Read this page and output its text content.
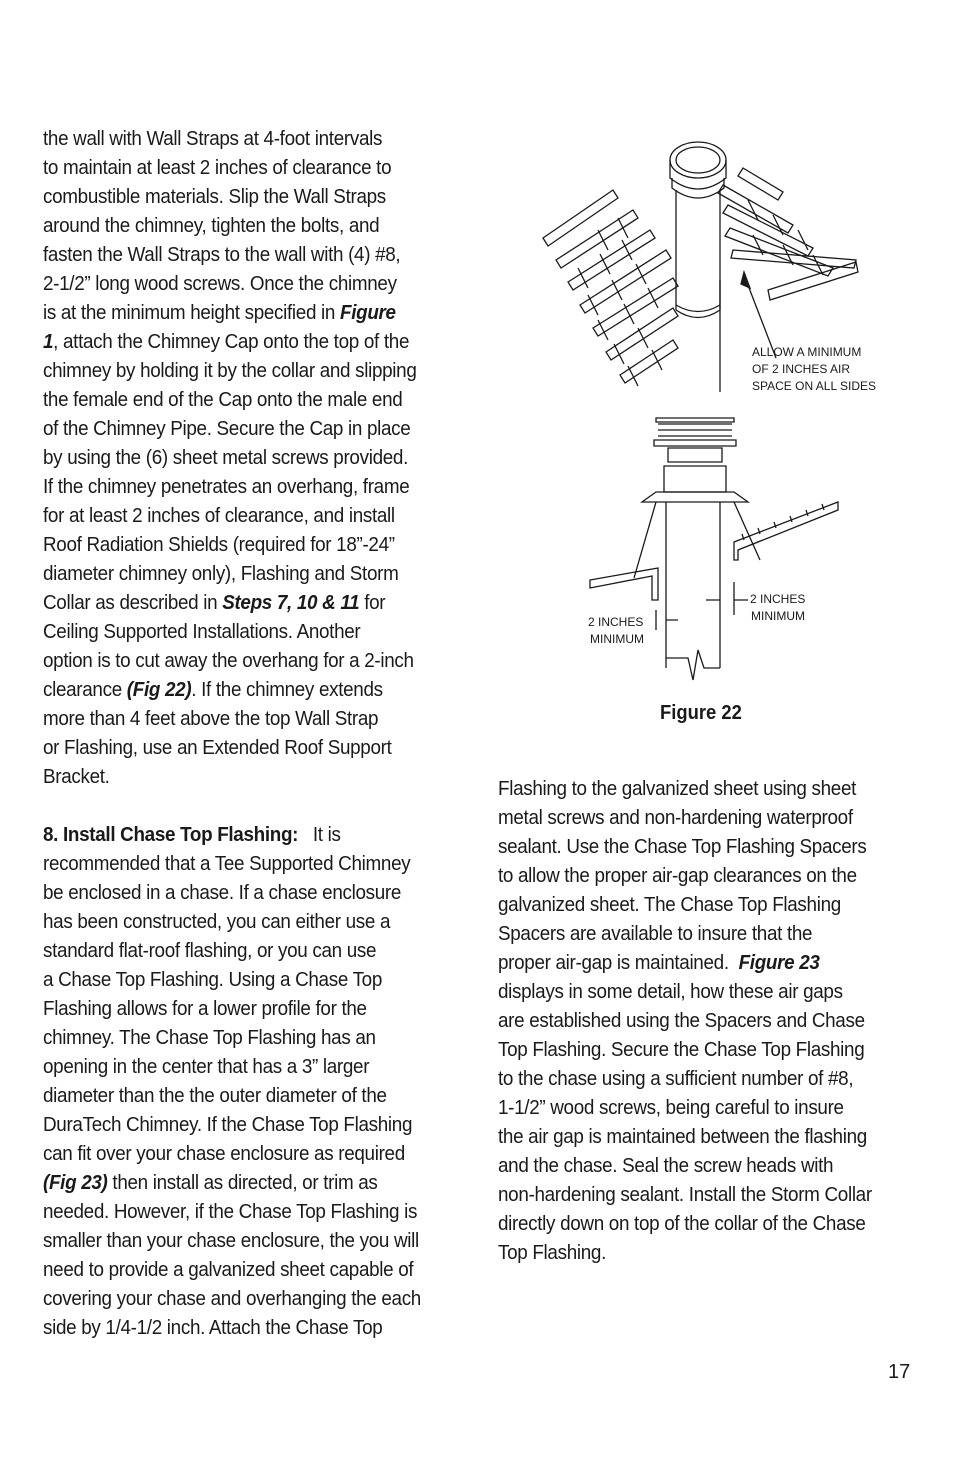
the wall with Wall Straps at 4-foot intervals
to maintain at least 2 inches of clearance to
combustible materials. Slip the Wall Straps
around the chimney, tighten the bolts, and
fasten the Wall Straps to the wall with (4) #8,
2-1/2” long wood screws. Once the chimney
is at the minimum height specified in Figure
1, attach the Chimney Cap onto the top of the
chimney by holding it by the collar and slipping
the female end of the Cap onto the male end
of the Chimney Pipe. Secure the Cap in place
by using the (6) sheet metal screws provided.
If the chimney penetrates an overhang, frame
for at least 2 inches of clearance, and install
Roof Radiation Shields (required for 18”-24”
diameter chimney only), Flashing and Storm
Collar as described in Steps 7, 10 & 11 for
Ceiling Supported Installations. Another
option is to cut away the overhang for a 2-inch
clearance (Fig 22). If the chimney extends
more than 4 feet above the top Wall Strap
or Flashing, use an Extended Roof Support
Bracket.
8. Install Chase Top Flashing:   It is
recommended that a Tee Supported Chimney
be enclosed in a chase. If a chase enclosure
has been constructed, you can either use a
standard flat-roof flashing, or you can use
a Chase Top Flashing. Using a Chase Top
Flashing allows for a lower profile for the
chimney. The Chase Top Flashing has an
opening in the center that has a 3” larger
diameter than the the outer diameter of the
DuraTech Chimney. If the Chase Top Flashing
can fit over your chase enclosure as required
(Fig 23) then install as directed, or trim as
needed. However, if the Chase Top Flashing is
smaller than your chase enclosure, the you will
need to provide a galvanized sheet capable of
covering your chase and overhanging the each
side by 1/4-1/2 inch. Attach the Chase Top
ALLOW A MINIMUM
OF 2 INCHES AIR
SPACE ON ALL SIDES
2 INCHES
MINIMUM
2 INCHES
MINIMUM
Figure 22
Flashing to the galvanized sheet using sheet
metal screws and non-hardening waterproof
sealant. Use the Chase Top Flashing Spacers
to allow the proper air-gap clearances on the
galvanized sheet. The Chase Top Flashing
Spacers are available to insure that the
proper air-gap is maintained.  Figure 23
displays in some detail, how these air gaps
are established using the Spacers and Chase
Top Flashing. Secure the Chase Top Flashing
to the chase using a sufficient number of #8,
1-1/2” wood screws, being careful to insure
the air gap is maintained between the flashing
and the chase. Seal the screw heads with
non-hardening sealant. Install the Storm Collar
directly down on top of the collar of the Chase
Top Flashing.
17
